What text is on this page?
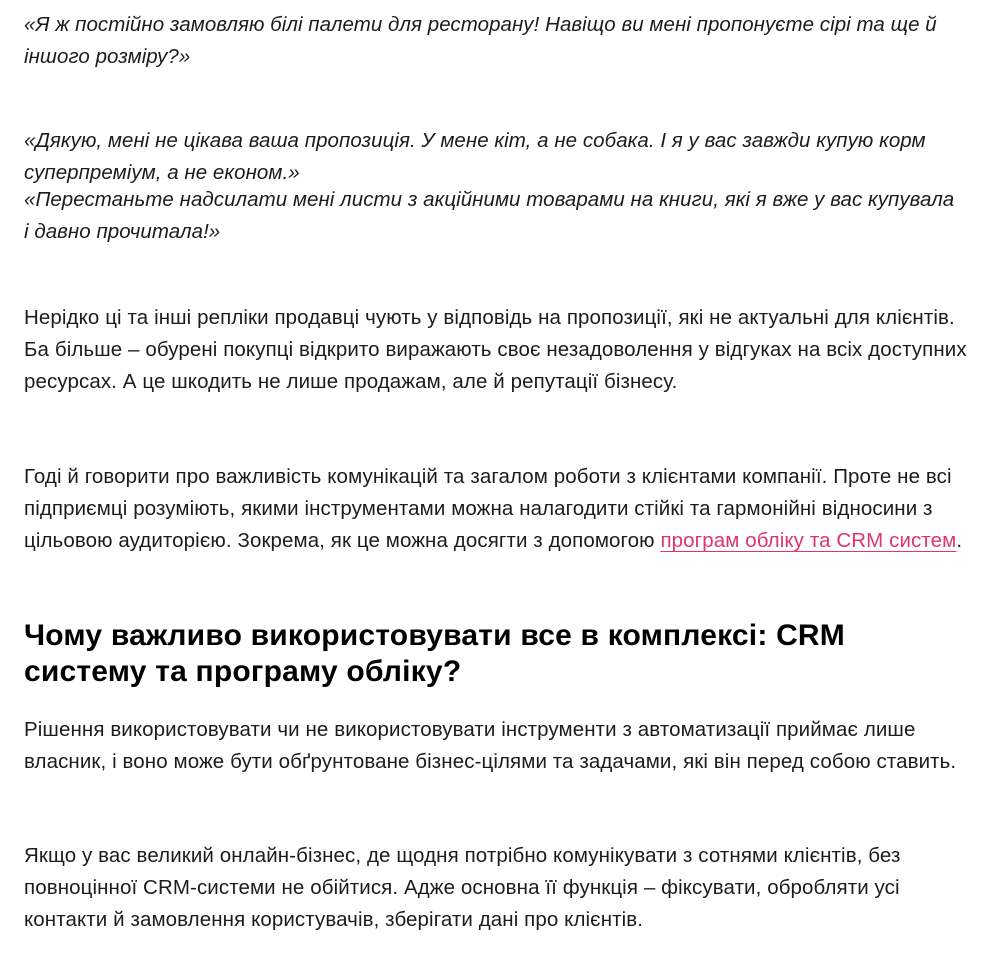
«Я ж постійно замовляю білі палети для ресторану! Навіщо ви мені пропонуєте сірі та ще й іншого розміру?»

«Дякую, мені не цікава ваша пропозиція. У мене кіт, а не собака. І я у вас завжди купую корм суперпреміум, а не економ.»

«Перестаньте надсилати мені листи з акційними товарами на книги, які я вже у вас купувала і давно прочитала!»

Нерідко ці та інші репліки продавці чують у відповідь на пропозиції, які не актуальні для клієнтів. Ба більше – обурені покупці відкрито виражають своє незадоволення у відгуках на всіх доступних ресурсах. А це шкодить не лише продажам, але й репутації бізнесу.

Годі й говорити про важливість комунікацій та загалом роботи з клієнтами компанії. Проте не всі підприємці розуміють, якими інструментами можна налагодити стійкі та гармонійні відносини з цільовою аудиторією. Зокрема, як це можна досягти з допомогою програм обліку та CRM систем.

Чому важливо використовувати все в комплексі: CRM систему та програму обліку?

Рішення використовувати чи не використовувати інструменти з автоматизації приймає лише власник, і воно може бути обґрунтоване бізнес-цілями та задачами, які він перед собою ставить.

Якщо у вас великий онлайн-бізнес, де щодня потрібно комунікувати з сотнями клієнтів, без повноцінної CRM-системи не обійтися. Адже основна її функція – фіксувати, обробляти усі контакти й замовлення користувачів, зберігати дані про клієнтів.
